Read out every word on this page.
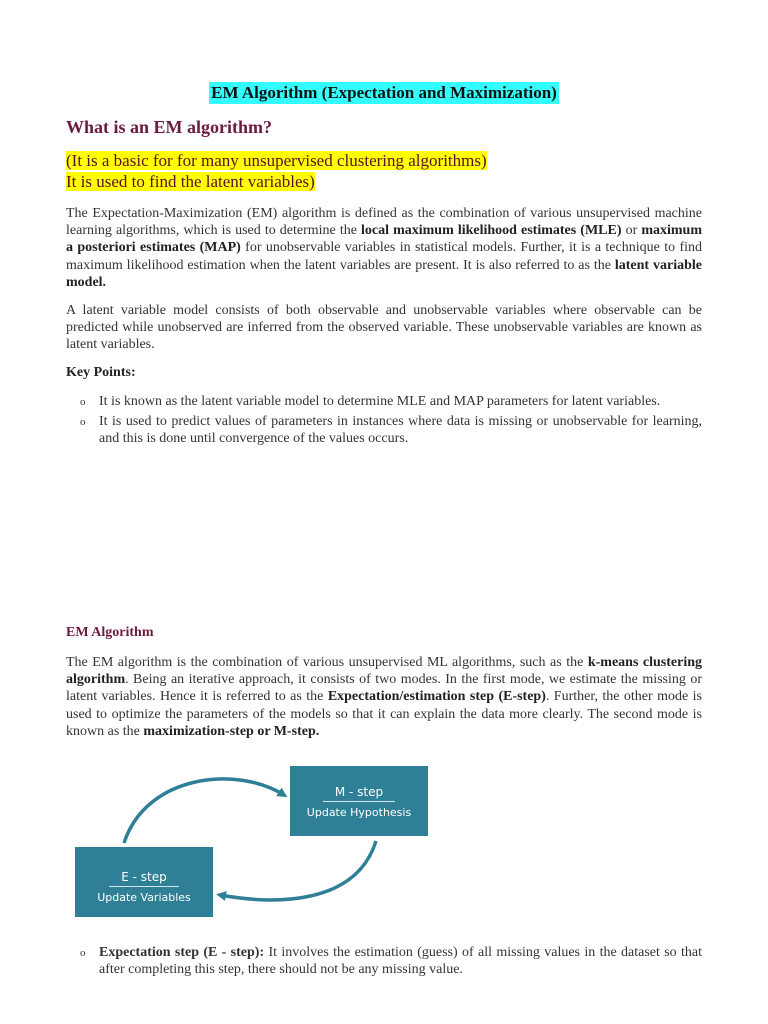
EM Algorithm (Expectation and Maximization)
What is an EM algorithm?
(It is a basic for for many unsupervised clustering algorithms)
It is used to find the latent variables)

The Expectation-Maximization (EM) algorithm is defined as the combination of various unsupervised machine learning algorithms, which is used to determine the local maximum likelihood estimates (MLE) or maximum a posteriori estimates (MAP) for unobservable variables in statistical models. Further, it is a technique to find maximum likelihood estimation when the latent variables are present. It is also referred to as the latent variable model.

A latent variable model consists of both observable and unobservable variables where observable can be predicted while unobserved are inferred from the observed variable. These unobservable variables are known as latent variables.

Key Points:
o It is known as the latent variable model to determine MLE and MAP parameters for latent variables.
o It is used to predict values of parameters in instances where data is missing or unobservable for learning, and this is done until convergence of the values occurs.
EM Algorithm

The EM algorithm is the combination of various unsupervised ML algorithms, such as the k-means clustering algorithm. Being an iterative approach, it consists of two modes. In the first mode, we estimate the missing or latent variables. Hence it is referred to as the Expectation/estimation step (E-step). Further, the other mode is used to optimize the parameters of the models so that it can explain the data more clearly. The second mode is known as the maximization-step or M-step.

M - step
Update Hypothesis
E - step
Update Variables
o Expectation step (E - step): It involves the estimation (guess) of all missing values in the dataset so that after completing this step, there should not be any missing value.
